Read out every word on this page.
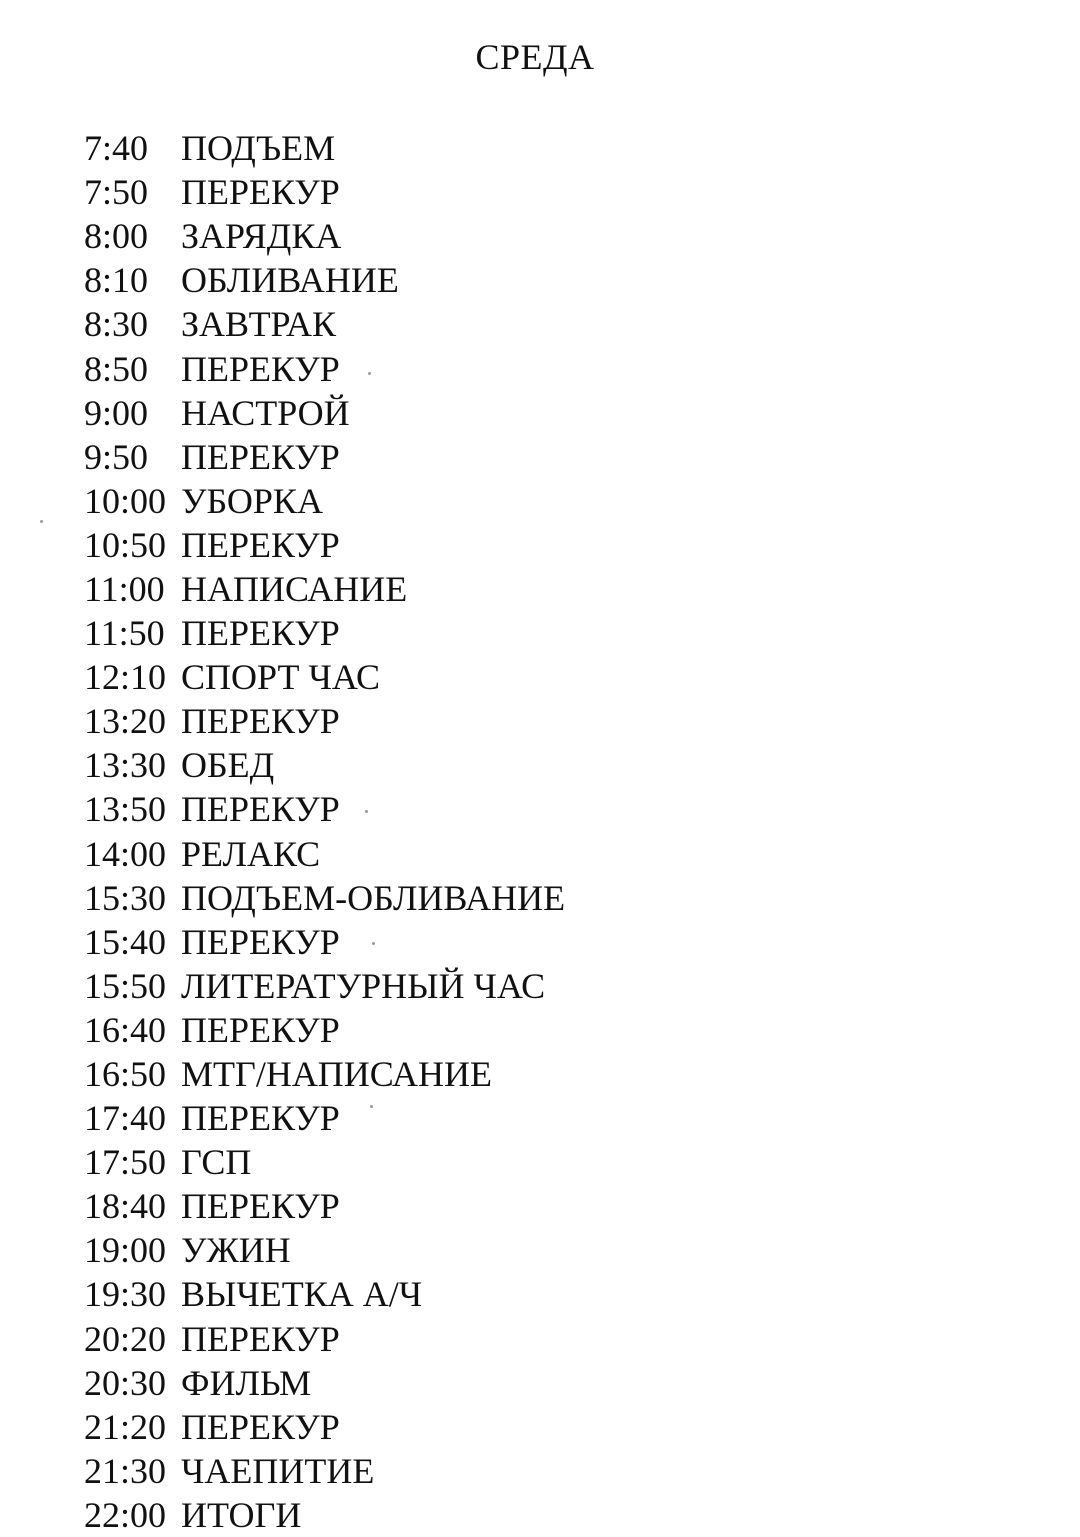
СРЕДА
7:40 ПОДЪЕМ
7:50 ПЕРЕКУР
8:00 ЗАРЯДКА
8:10 ОБЛИВАНИЕ
8:30 ЗАВТРАК
8:50 ПЕРЕКУР
9:00 НАСТРОЙ
9:50 ПЕРЕКУР
10:00 УБОРКА
10:50 ПЕРЕКУР
11:00 НАПИСАНИЕ
11:50 ПЕРЕКУР
12:10 СПОРТ ЧАС
13:20 ПЕРЕКУР
13:30 ОБЕД
13:50 ПЕРЕКУР
14:00 РЕЛАКС
15:30 ПОДЪЕМ-ОБЛИВАНИЕ
15:40 ПЕРЕКУР
15:50 ЛИТЕРАТУРНЫЙ ЧАС
16:40 ПЕРЕКУР
16:50 МТГ/НАПИСАНИЕ
17:40 ПЕРЕКУР
17:50 ГСП
18:40 ПЕРЕКУР
19:00 УЖИН
19:30 ВЫЧЕТКА А/Ч
20:20 ПЕРЕКУР
20:30 ФИЛЬМ
21:20 ПЕРЕКУР
21:30 ЧАЕПИТИЕ
22:00 ИТОГИ
